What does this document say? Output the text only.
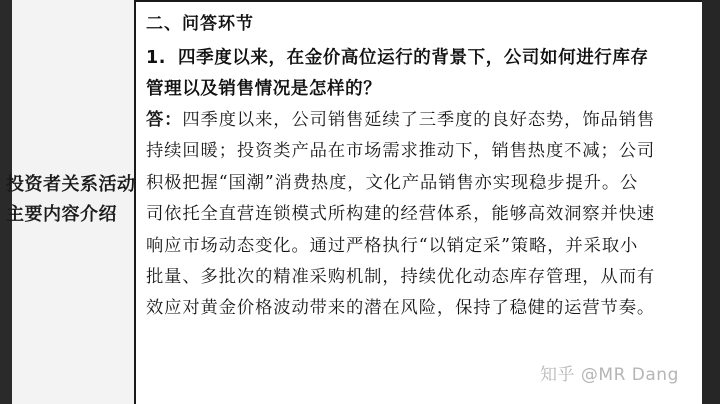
投资者关系活动
主要内容介绍

二、问答环节

1. 四季度以来，在金价高位运行的背景下，公司如何进行库存
管理以及销售情况是怎样的？
答：四季度以来，公司销售延续了三季度的良好态势，饰品销售
持续回暖；投资类产品在市场需求推动下，销售热度不减；公司
积极把握“国潮”消费热度，文化产品销售亦实现稳步提升。公
司依托全直营连锁模式所构建的经营体系，能够高效洞察并快速
响应市场动态变化。通过严格执行“以销定采”策略，并采取小
批量、多批次的精准采购机制，持续优化动态库存管理，从而有
效应对黄金价格波动带来的潜在风险，保持了稳健的运营节奏。
知乎 @MR Dang
